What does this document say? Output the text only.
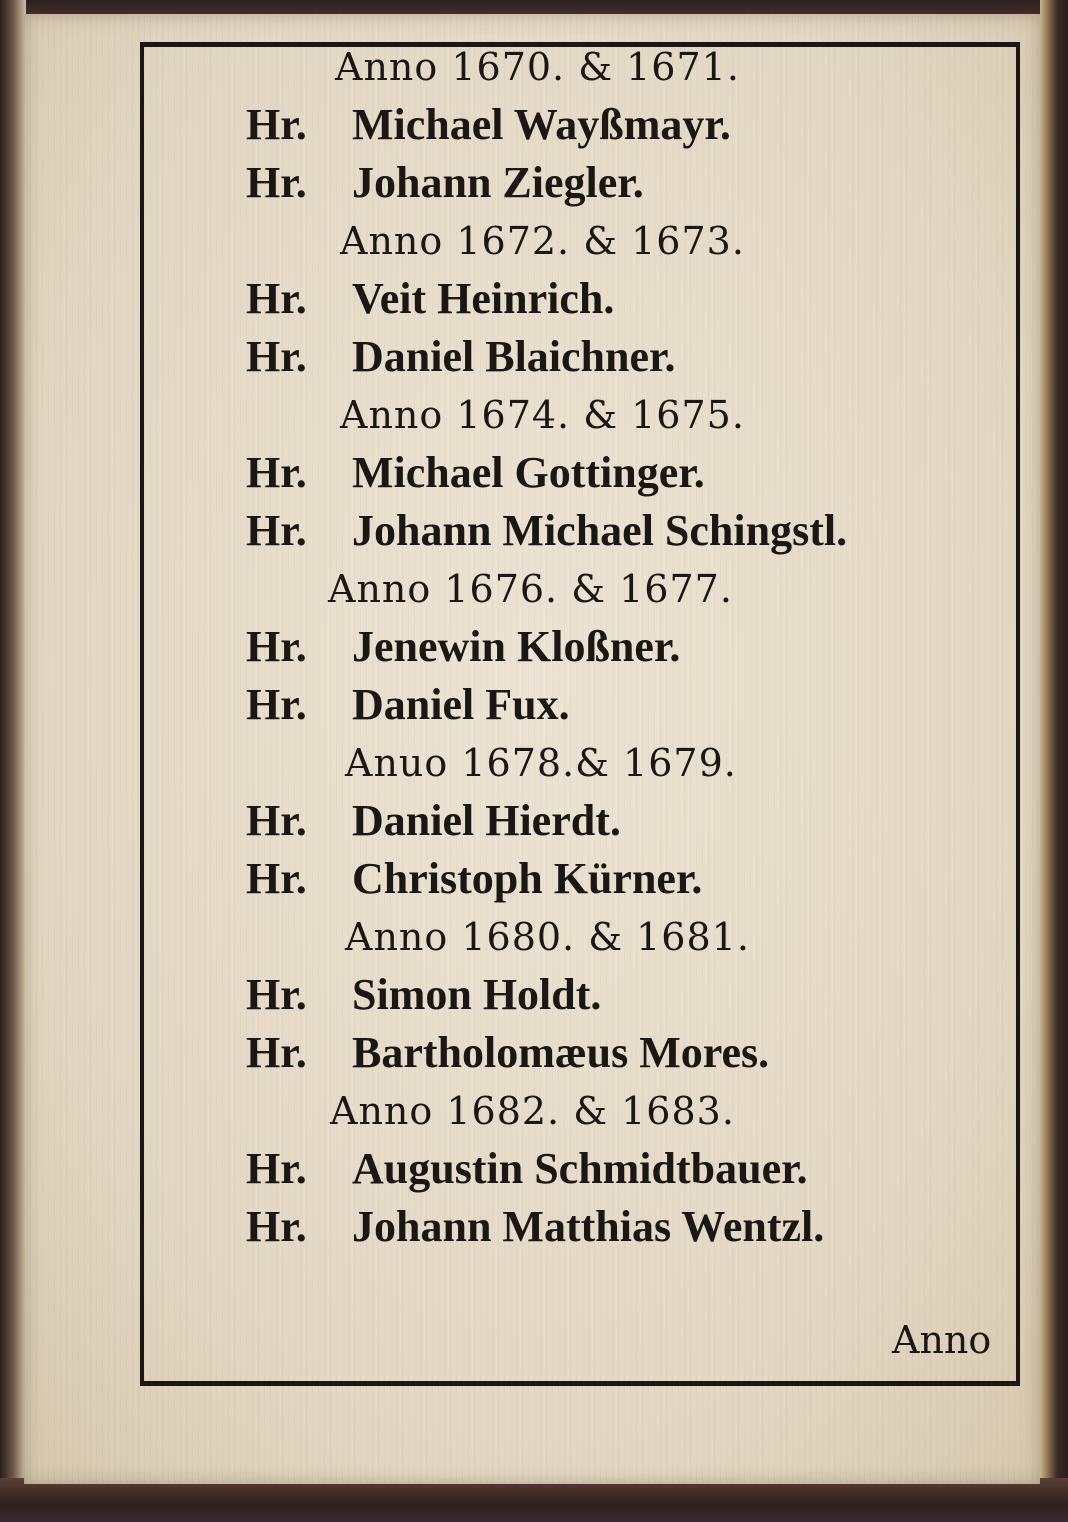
Anno 1670. & 1671.
Hr. Michael Wayßmayr.
Hr. Johann Ziegler.
Anno 1672. & 1673.
Hr. Veit Heinrich.
Hr. Daniel Blaichner.
Anno 1674. & 1675.
Hr. Michael Gottinger.
Hr. Johann Michael Schingstl.
Anno 1676. & 1677.
Hr. Jenewin Kloßner.
Hr. Daniel Fux.
Anuo 1678.& 1679.
Hr. Daniel Hierdt.
Hr. Christoph Kürner.
Anno 1680. & 1681.
Hr. Simon Holdt.
Hr. Bartholomæus Mores.
Anno 1682. & 1683.
Hr. Augustin Schmidtbauer.
Hr. Johann Matthias Wentzl.
Anno
